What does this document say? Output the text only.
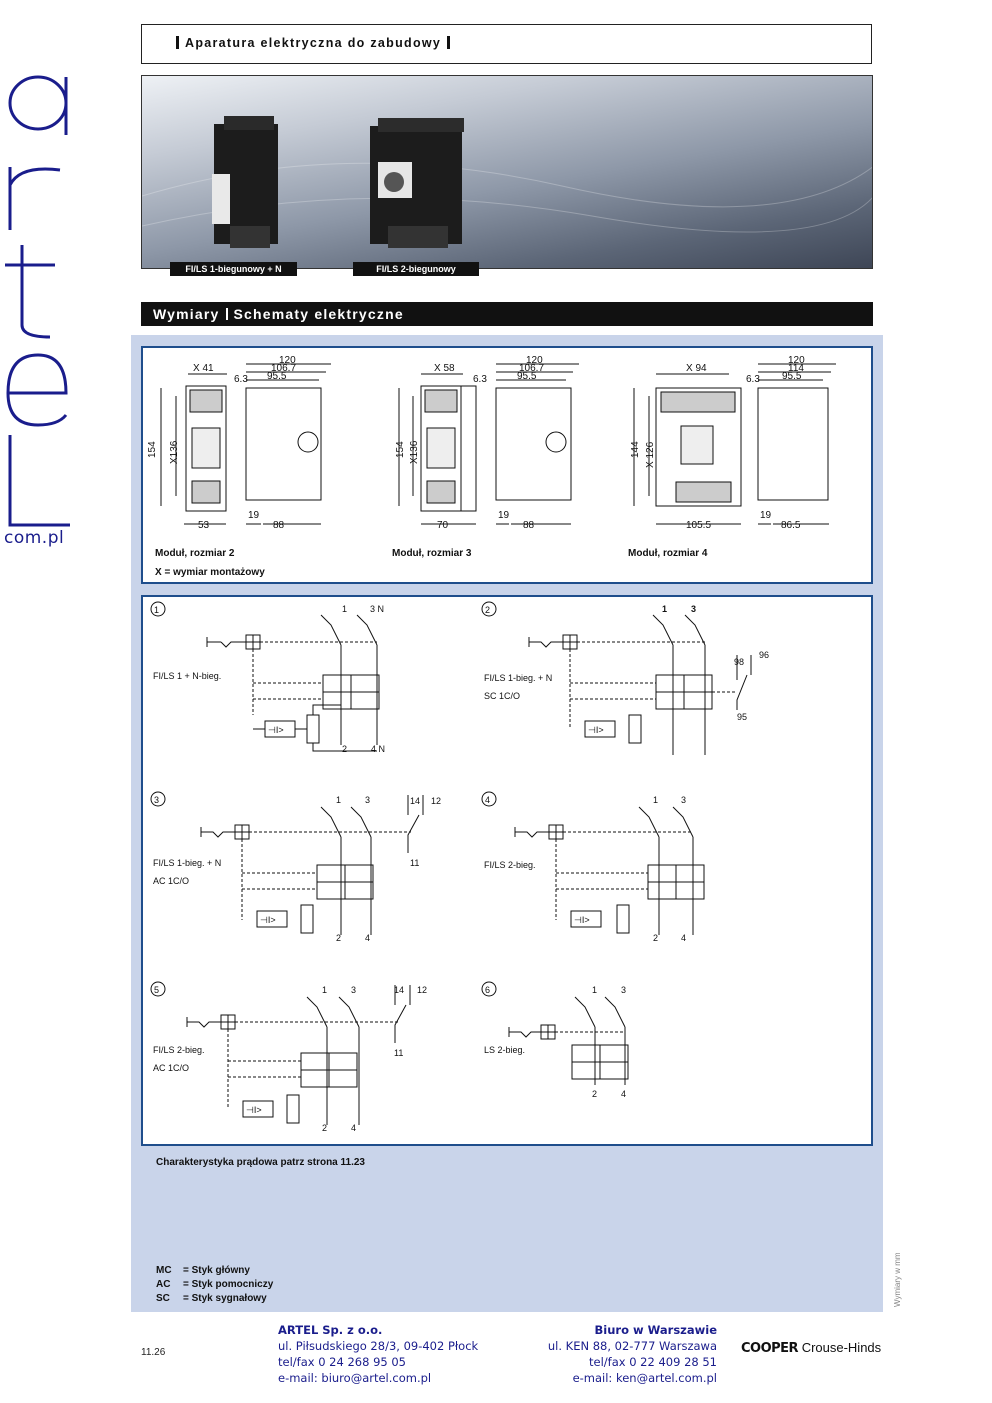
com.pl
Aparatura elektryczna do zabudowy
FI/LS 1-biegunowy + N	FI/LS 2-biegunowy
Wymiary Schematy elektryczne
X 41
6.3
120
106.7
95.5
154 X136
53
19
88
X 58
6.3
120
106.7
95.5
154 X136
70
19
88
X 94
6.3
120
114
95.5
144 X 126
105.5
19
86.5
Moduł, rozmiar 2	Moduł, rozmiar 3	Moduł, rozmiar 4
X = wymiar montażowy
1	1	3 N
2	4 N
FI/LS 1 + N-bieg.
⊣I>
2	1	3
FI/LS 1-bieg. + N
SC 1C/O
98
96
95
⊣I>
3	1	3
2	4
FI/LS 1-bieg. + N
AC 1C/O
14 12
11
⊣I>
4	1	3
2	4
FI/LS 2-bieg.
⊣I>
5	1	3
2	4
FI/LS 2-bieg.
AC 1C/O
14 12
11
⊣I>
6	1	3
2	4
LS 2-bieg.
Charakterystyka prądowa patrz strona 11.23
MC = Styk główny
AC = Styk pomocniczy
SC = Styk sygnałowy	Wymiary w mm
11.26
ARTEL Sp. z o.o.
ul. Piłsudskiego 28/3, 09-402 Płock
tel/fax 0 24 268 95 05
e-mail: biuro@artel.com.pl
Biuro w Warszawie
ul. KEN 88, 02-777 Warszawa
tel/fax 0 22 409 28 51
e-mail: ken@artel.com.pl
COOPER Crouse-Hinds
